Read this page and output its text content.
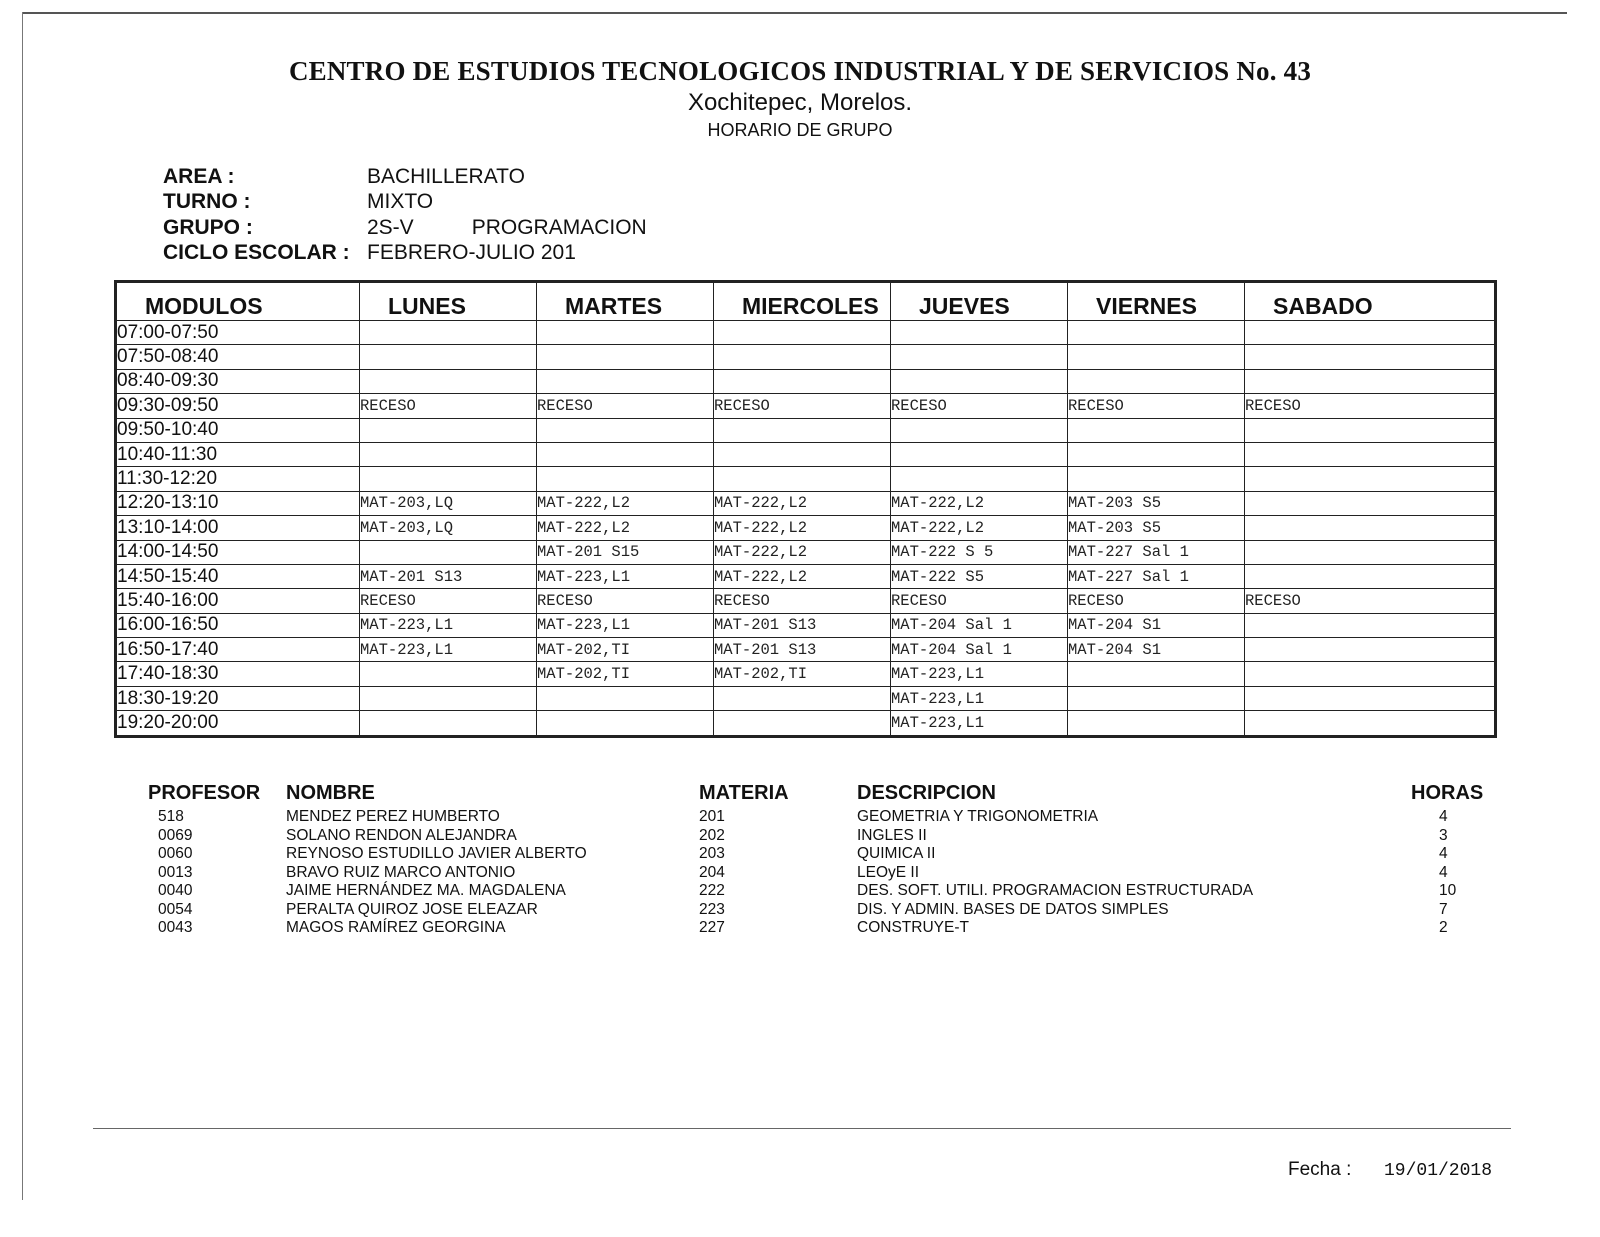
CENTRO DE ESTUDIOS TECNOLOGICOS INDUSTRIAL Y DE SERVICIOS No. 43
Xochitepec, Morelos.
HORARIO DE GRUPO
AREA :	BACHILLERATO
TURNO :	MIXTO
GRUPO :	2S-V	PROGRAMACION
CICLO ESCOLAR : FEBRERO-JULIO 201
MODULOS	LUNES	MARTES	MIERCOLES	JUEVES	VIERNES	SABADO
07:00-07:50						
07:50-08:40						
08:40-09:30						
09:30-09:50	RECESO	RECESO	RECESO	RECESO	RECESO	RECESO
09:50-10:40						
10:40-11:30						
11:30-12:20						
12:20-13:10	MAT-203,LQ	MAT-222,L2	MAT-222,L2	MAT-222,L2	MAT-203 S5	
13:10-14:00	MAT-203,LQ	MAT-222,L2	MAT-222,L2	MAT-222,L2	MAT-203 S5	
14:00-14:50		MAT-201 S15	MAT-222,L2	MAT-222 S 5	MAT-227 Sal 1	
14:50-15:40	MAT-201 S13	MAT-223,L1	MAT-222,L2	MAT-222 S5	MAT-227 Sal 1	
15:40-16:00	RECESO	RECESO	RECESO	RECESO	RECESO	RECESO
16:00-16:50	MAT-223,L1	MAT-223,L1	MAT-201 S13	MAT-204 Sal 1	MAT-204 S1	
16:50-17:40	MAT-223,L1	MAT-202,TI	MAT-201 S13	MAT-204 Sal 1	MAT-204 S1	
17:40-18:30		MAT-202,TI	MAT-202,TI	MAT-223,L1		
18:30-19:20				MAT-223,L1		
19:20-20:00				MAT-223,L1		
PROFESOR NOMBRE	MATERIA	DESCRIPCION	HORAS
518	MENDEZ PEREZ HUMBERTO	201	GEOMETRIA Y TRIGONOMETRIA	4
0069	SOLANO RENDON ALEJANDRA	202	INGLES II	3
0060	REYNOSO ESTUDILLO JAVIER ALBERTO	203	QUIMICA II	4
0013	BRAVO RUIZ MARCO ANTONIO	204	LEOyE II	4
0040	JAIME HERNÁNDEZ MA. MAGDALENA	222	DES. SOFT. UTILI. PROGRAMACION ESTRUCTURADA	10
0054	PERALTA QUIROZ JOSE ELEAZAR	223	DIS. Y ADMIN. BASES DE DATOS SIMPLES	7
0043	MAGOS RAMÍREZ GEORGINA	227	CONSTRUYE-T	2
Fecha : 19/01/2018
